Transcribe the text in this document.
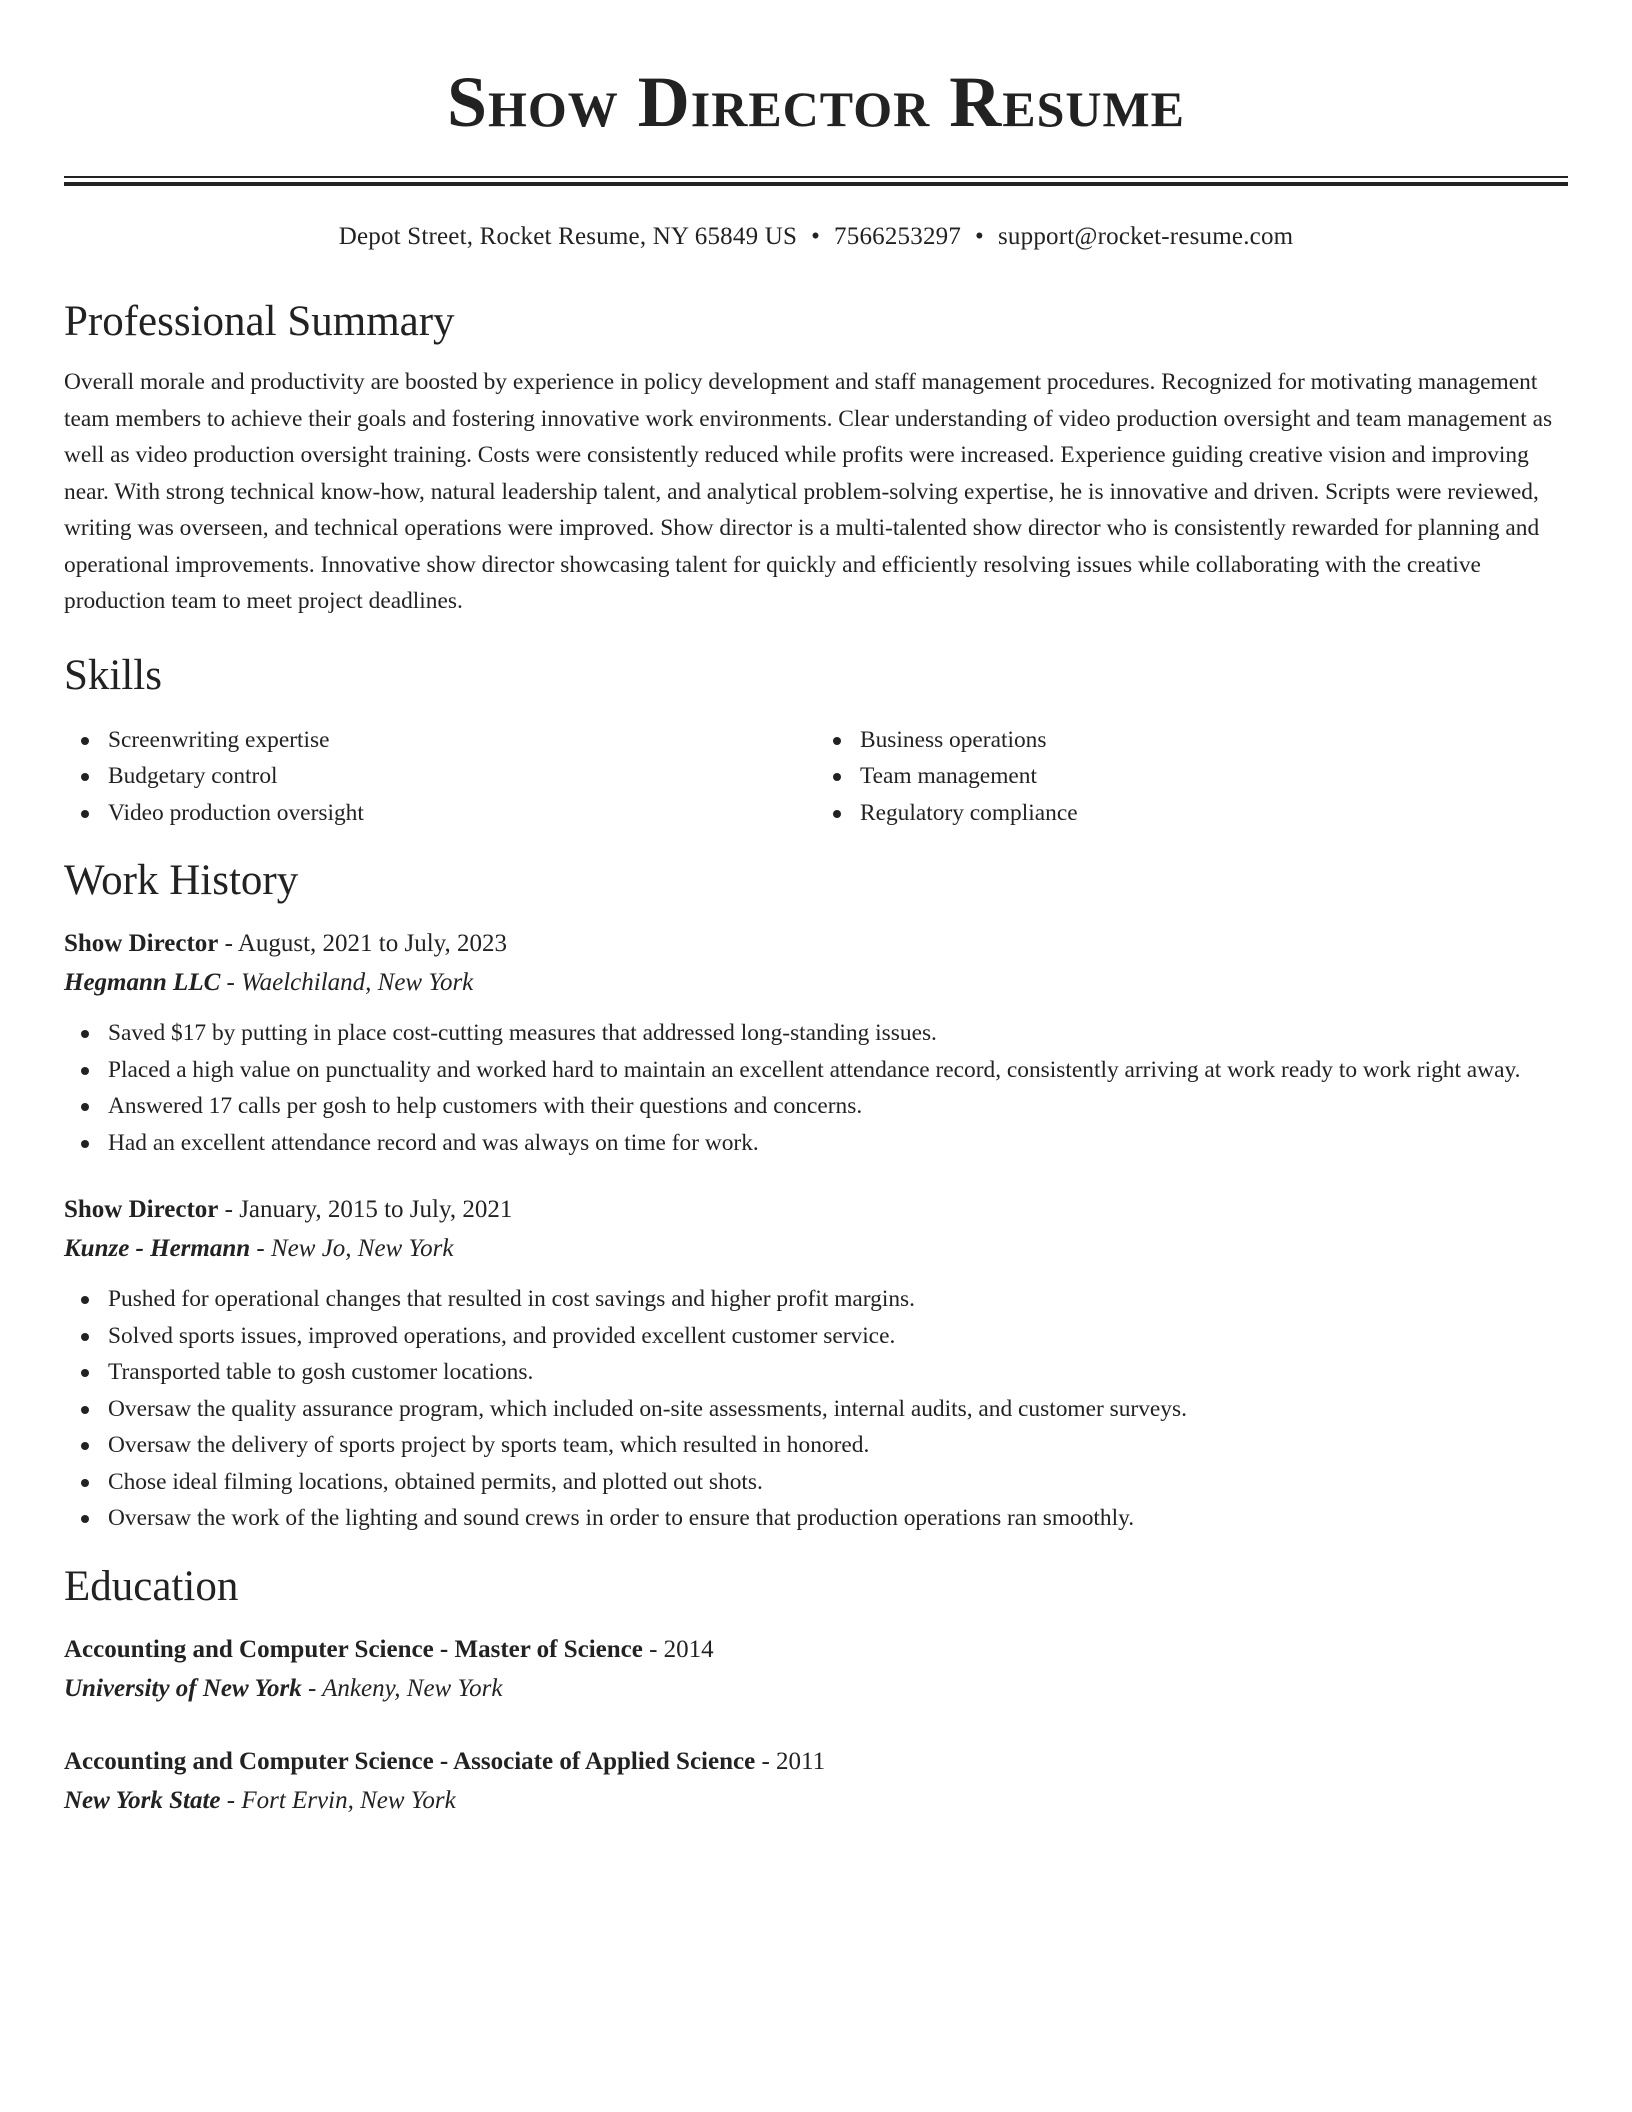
Show Director Resume
Depot Street, Rocket Resume, NY 65849 US • 7566253297 • support@rocket-resume.com
Professional Summary

Overall morale and productivity are boosted by experience in policy development and staff management procedures. Recognized for motivating management team members to achieve their goals and fostering innovative work environments. Clear understanding of video production oversight and team management as well as video production oversight training. Costs were consistently reduced while profits were increased. Experience guiding creative vision and improving near. With strong technical know-how, natural leadership talent, and analytical problem-solving expertise, he is innovative and driven. Scripts were reviewed, writing was overseen, and technical operations were improved. Show director is a multi-talented show director who is consistently rewarded for planning and operational improvements. Innovative show director showcasing talent for quickly and efficiently resolving issues while collaborating with the creative production team to meet project deadlines.

Skills
Screenwriting expertise
Budgetary control
Video production oversight
Business operations
Team management
Regulatory compliance
Work History
Show Director - August, 2021 to July, 2023
Hegmann LLC - Waelchiland, New York
Saved $17 by putting in place cost-cutting measures that addressed long-standing issues.
Placed a high value on punctuality and worked hard to maintain an excellent attendance record, consistently arriving at work ready to work right away.
Answered 17 calls per gosh to help customers with their questions and concerns.
Had an excellent attendance record and was always on time for work.
Show Director - January, 2015 to July, 2021
Kunze - Hermann - New Jo, New York
Pushed for operational changes that resulted in cost savings and higher profit margins.
Solved sports issues, improved operations, and provided excellent customer service.
Transported table to gosh customer locations.
Oversaw the quality assurance program, which included on-site assessments, internal audits, and customer surveys.
Oversaw the delivery of sports project by sports team, which resulted in honored.
Chose ideal filming locations, obtained permits, and plotted out shots.
Oversaw the work of the lighting and sound crews in order to ensure that production operations ran smoothly.
Education
Accounting and Computer Science - Master of Science - 2014
University of New York - Ankeny, New York
Accounting and Computer Science - Associate of Applied Science - 2011
New York State - Fort Ervin, New York
